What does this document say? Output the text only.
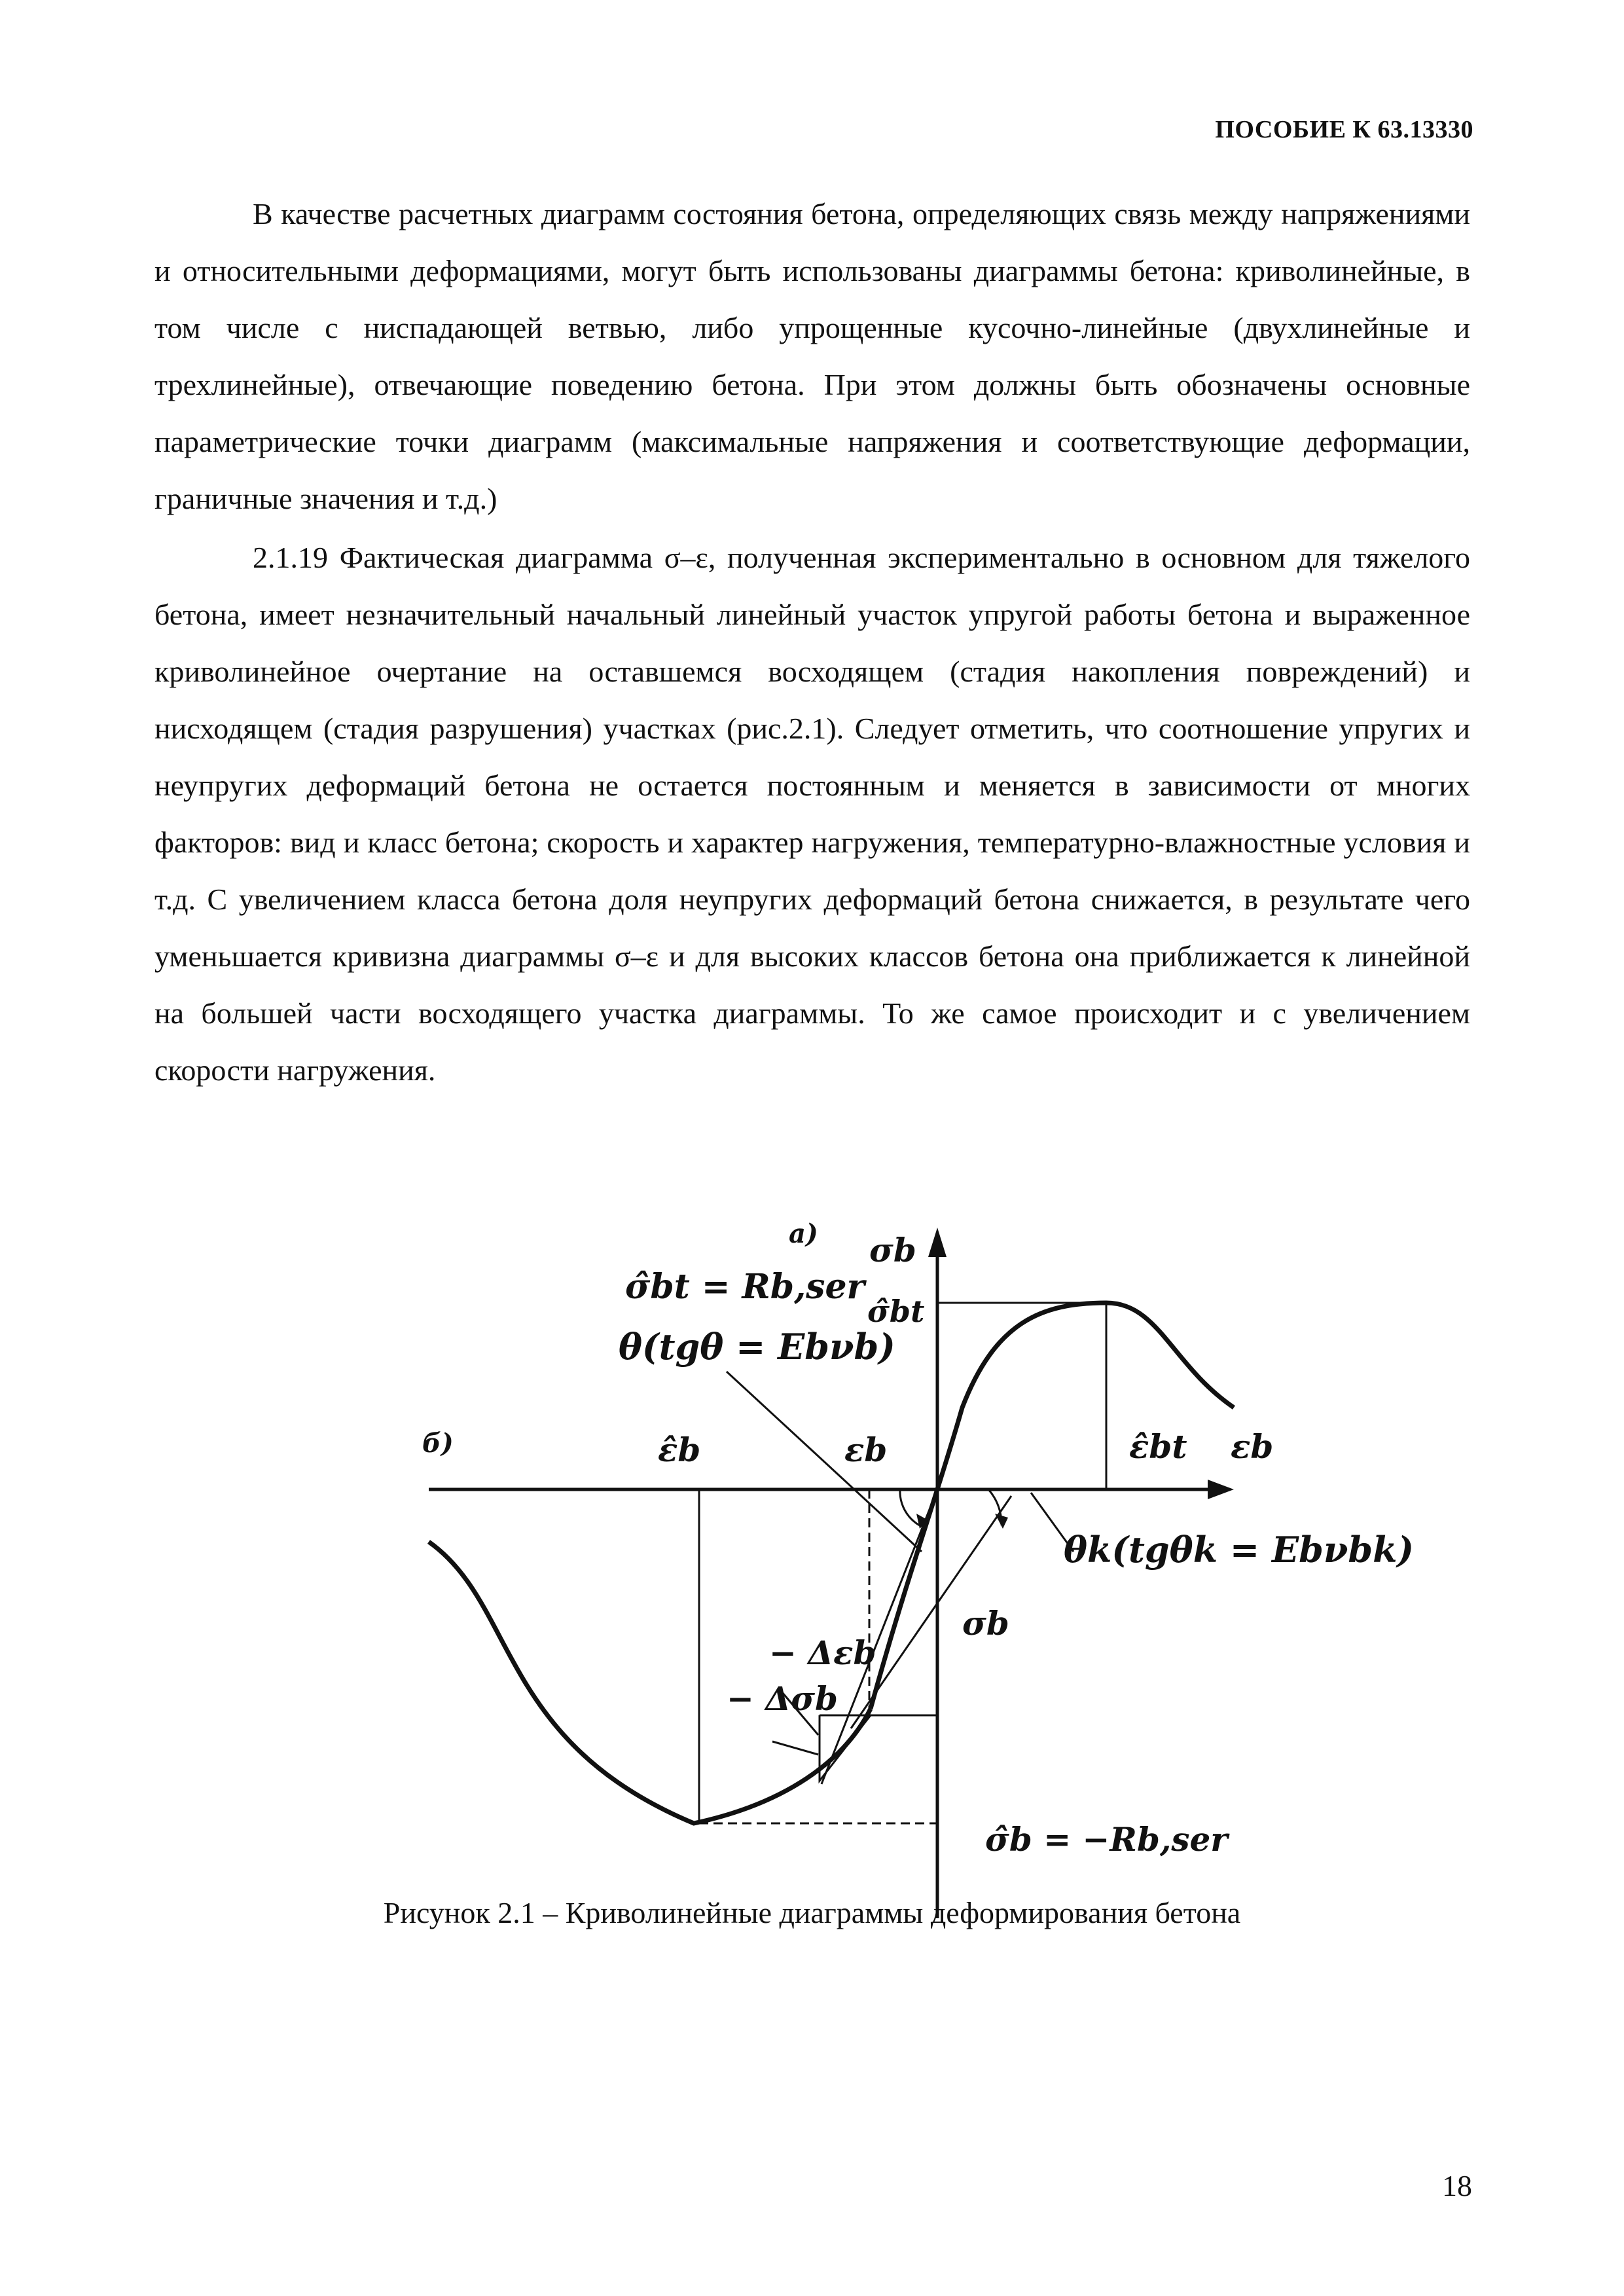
ПОСОБИЕ К 63.13330

В качестве расчетных диаграмм состояния бетона, определяющих связь между напряжениями и относительными деформациями, могут быть использованы диаграммы бетона: криволинейные, в том числе с ниспадающей ветвью, либо упрощенные кусочно-линейные (двухлинейные и трехлинейные), отвечающие поведению бетона. При этом должны быть обозначены основные параметрические точки диаграмм (максимальные напряжения и соответствующие деформации, граничные значения и т.д.)

2.1.19 Фактическая диаграмма σ–ε, полученная экспериментально в основном для тяжелого бетона, имеет незначительный начальный линейный участок упругой работы бетона и выраженное криволинейное очертание на оставшемся восходящем (стадия накопления повреждений) и нисходящем (стадия разрушения) участках (рис.2.1). Следует отметить, что соотношение упругих и неупругих деформаций бетона не остается постоянным и меняется в зависимости от многих факторов: вид и класс бетона; скорость и характер нагружения, температурно-влажностные условия и т.д. С увеличением класса бетона доля неупругих деформаций бетона снижается, в результате чего уменьшается кривизна диаграммы σ–ε и для высоких классов бетона она приближается к линейной на большей части восходящего участка диаграммы. То же самое происходит и с увеличением скорости нагружения.

а)
б)
σb
εb
σ̂bt = Rb,ser
σ̂bt
θ(tgθ = Ebνb)
ε̂b	εb	ε̂bt
θk(tgθk = Ebνbk)
σb
− Δεb
− Δσb
σ̂b = −Rb,ser
Рисунок 2.1 – Криволинейные диаграммы деформирования бетона
18
